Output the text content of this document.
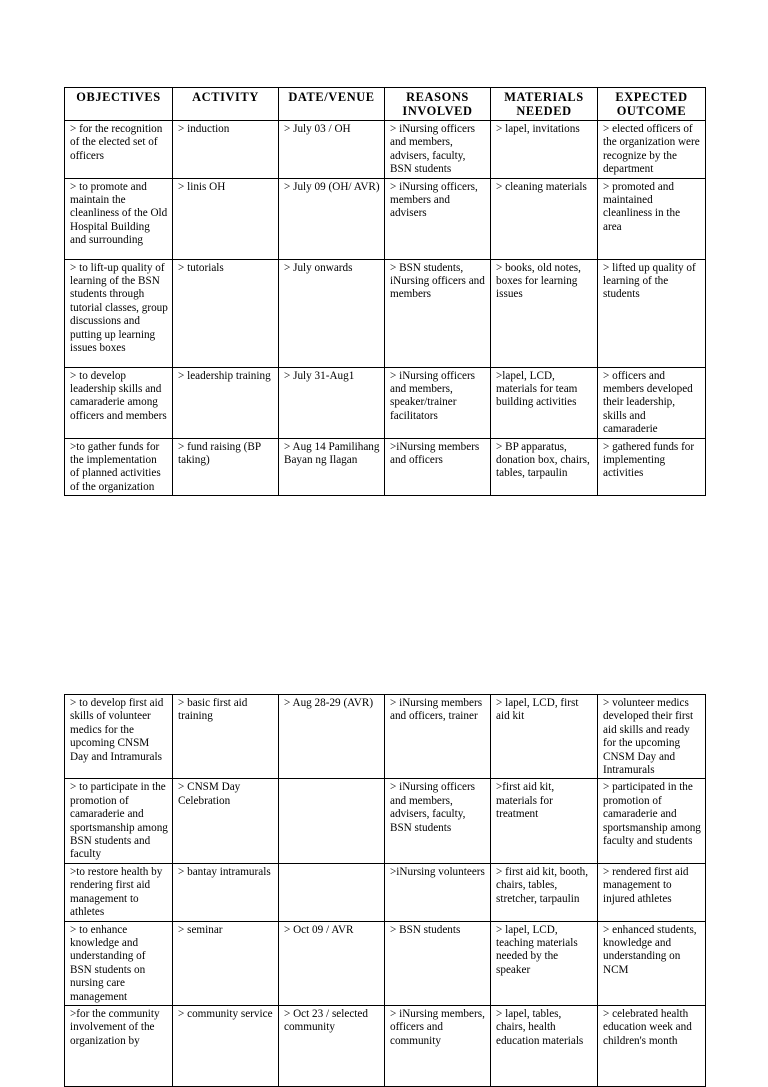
OBJECTIVES	ACTIVITY	DATE/VENUE	REASONS INVOLVED	MATERIALS NEEDED	EXPECTED OUTCOME
> for the recognition of the elected set of officers	> induction	> July 03 / OH	> iNursing officers and members, advisers, faculty, BSN students	> lapel, invitations	> elected officers of the organization were recognize by the department
> to promote and maintain the cleanliness of the Old Hospital Building and surrounding	> linis OH	> July 09 (OH/ AVR)	> iNursing officers, members and advisers	> cleaning materials	> promoted and maintained cleanliness in the area
> to lift-up quality of learning of the BSN students through tutorial classes, group discussions and putting up learning issues boxes	> tutorials	> July onwards	> BSN students, iNursing officers and members	> books, old notes, boxes for learning issues	> lifted up quality of learning of the students
> to develop leadership skills and camaraderie among officers and members	> leadership training	> July 31-Aug1	> iNursing officers and members, speaker/trainer facilitators	>lapel, LCD, materials for team building activities	> officers and members developed their leadership, skills and camaraderie
>to gather funds for the implementation of planned activities of the organization	> fund raising (BP taking)	> Aug 14 Pamilihang Bayan ng Ilagan	>iNursing members and officers	> BP apparatus, donation box, chairs, tables, tarpaulin	> gathered funds for implementing activities
> to develop first aid skills of volunteer medics for the upcoming CNSM Day and Intramurals	> basic first aid training	> Aug 28-29 (AVR)	> iNursing members and officers, trainer	> lapel, LCD, first aid kit	> volunteer medics developed their first aid skills and ready for the upcoming CNSM Day and Intramurals
> to participate in the promotion of camaraderie and sportsmanship among BSN students and faculty	> CNSM Day Celebration		> iNursing officers and members, advisers, faculty, BSN students	>first aid kit, materials for treatment	> participated in the promotion of camaraderie and sportsmanship among faculty and students
>to restore health by rendering first aid management to athletes	> bantay intramurals		>iNursing volunteers	> first aid kit, booth, chairs, tables, stretcher, tarpaulin	> rendered first aid management to injured athletes
> to enhance knowledge and understanding of BSN students on nursing care management	> seminar	> Oct 09 / AVR	> BSN students	> lapel, LCD, teaching materials needed by the speaker	> enhanced students, knowledge and understanding on NCM
>for the community involvement of the organization by	> community service	> Oct 23 / selected community	> iNursing members, officers and community	> lapel, tables, chairs, health education materials	> celebrated health education week and children's month
